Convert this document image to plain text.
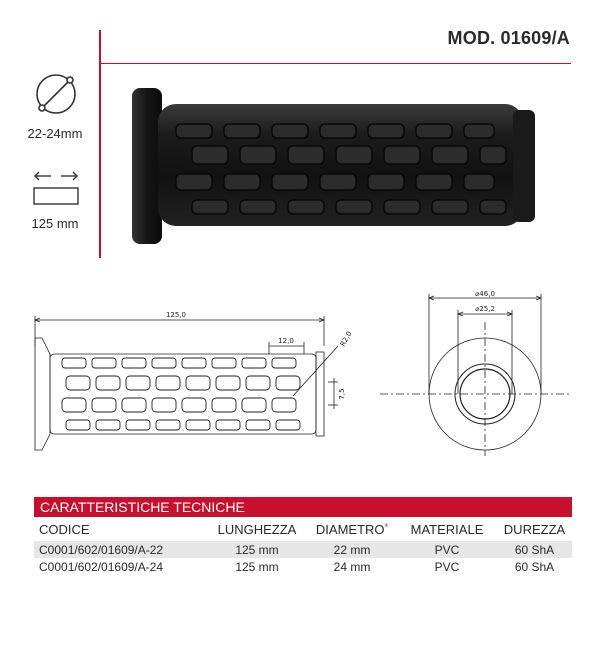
MOD. 01609/A
22-24mm
125 mm
125,0
12,0	R2,0
7,5
⌀46,0
⌀25,2
CARATTERISTICHE TECNICHE
CODICE	LUNGHEZZA	DIAMETRO*	MATERIALE	DUREZZA
C0001/602/01609/A-22	125 mm	22 mm	PVC	60 ShA
C0001/602/01609/A-24	125 mm	24 mm	PVC	60 ShA
